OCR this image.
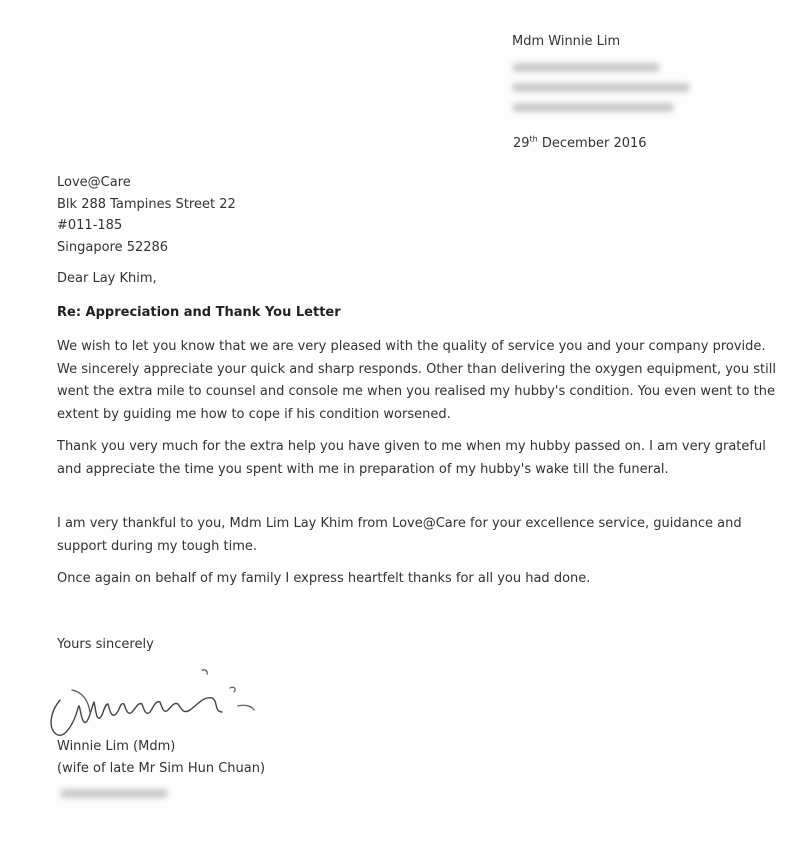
Mdm Winnie Lim
29th December 2016
Love@Care
Blk 288 Tampines Street 22
#011-185
Singapore 52286
Dear Lay Khim,
Re: Appreciation and Thank You Letter

We wish to let you know that we are very pleased with the quality of service you and your company provide. We sincerely appreciate your quick and sharp responds. Other than delivering the oxygen equipment, you still went the extra mile to counsel and console me when you realised my hubby's condition. You even went to the extent by guiding me how to cope if his condition worsened.

Thank you very much for the extra help you have given to me when my hubby passed on. I am very grateful and appreciate the time you spent with me in preparation of my hubby's wake till the funeral.

I am very thankful to you, Mdm Lim Lay Khim from Love@Care for your excellence service, guidance and support during my tough time.

Once again on behalf of my family I express heartfelt thanks for all you had done.

Yours sincerely
Winnie Lim (Mdm)
(wife of late Mr Sim Hun Chuan)
